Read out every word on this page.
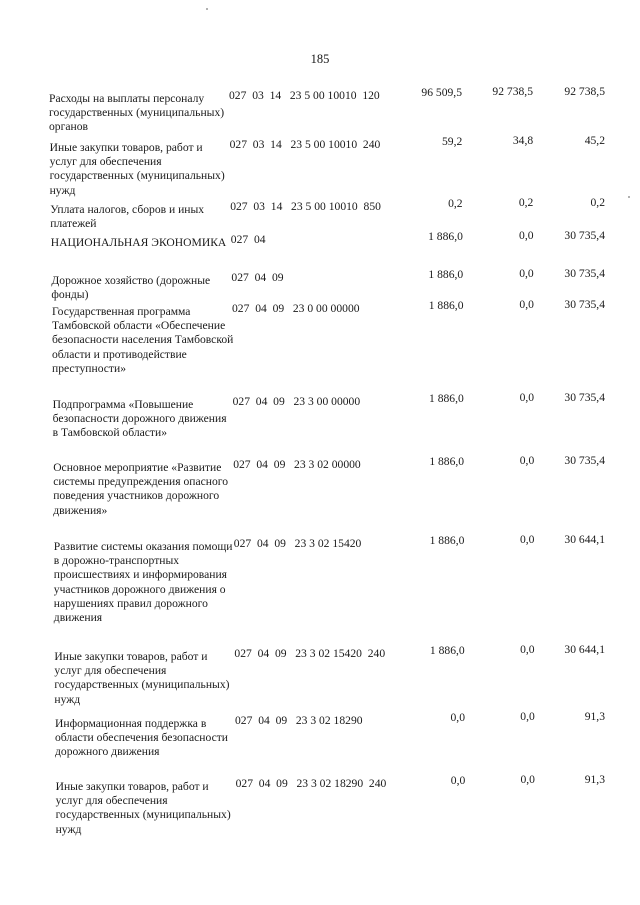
185
Расходы на выплаты персоналу государственных (муниципальных) органов
027  03  14   23 5 00 10010  120	96 509,5	92 738,5	92 738,5
Иные закупки товаров, работ и услуг для обеспечения государственных (муниципальных) нужд
027  03  14   23 5 00 10010  240	59,2	34,8	45,2
Уплата налогов, сборов и иных платежей
027  03  14   23 5 00 10010  850	0,2	0,2	0,2
НАЦИОНАЛЬНАЯ ЭКОНОМИКА 027  04	1 886,0	0,0	30 735,4
Дорожное хозяйство (дорожные фонды)
027  04  09	1 886,0	0,0	30 735,4
Государственная программа Тамбовской области «Обеспечение безопасности населения Тамбовской области и противодействие преступности»
027  04  09   23 0 00 00000	1 886,0	0,0	30 735,4
Подпрограмма «Повышение безопасности дорожного движения в Тамбовской области»
027  04  09   23 3 00 00000	1 886,0	0,0	30 735,4
Основное мероприятие «Развитие системы предупреждения опасного поведения участников дорожного движения»
027  04  09   23 3 02 00000	1 886,0	0,0	30 735,4
Развитие системы оказания помощи в дорожно-транспортных происшествиях и информирования участников дорожного движения о нарушениях правил дорожного движения
027  04  09   23 3 02 15420	1 886,0	0,0	30 644,1
Иные закупки товаров, работ и услуг для обеспечения государственных (муниципальных) нужд
027  04  09   23 3 02 15420  240	1 886,0	0,0	30 644,1
Информационная поддержка в области обеспечения безопасности дорожного движения
027  04  09   23 3 02 18290	0,0	0,0	91,3
Иные закупки товаров, работ и услуг для обеспечения государственных (муниципальных) нужд
027  04  09   23 3 02 18290  240	0,0	0,0	91,3
